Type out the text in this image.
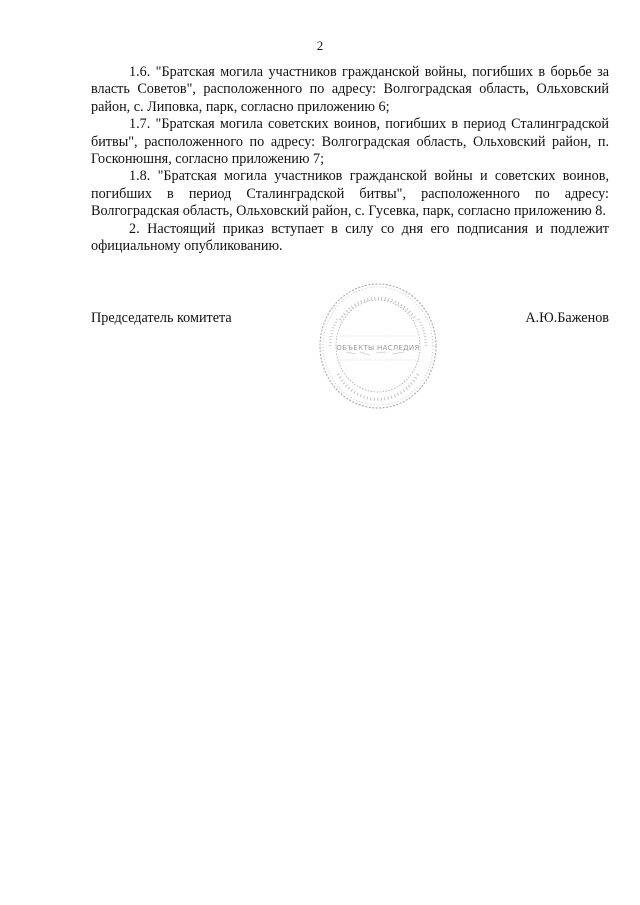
2

1.6. "Братская могила участников гражданской войны, погибших в борьбе за власть Советов", расположенного по адресу: Волгоградская область, Ольховский район, с. Липовка, парк, согласно приложению 6;

1.7. "Братская могила советских воинов, погибших в период Сталинградской битвы", расположенного по адресу: Волгоградская область, Ольховский район, п. Госконюшня, согласно приложению 7;

1.8. "Братская могила участников гражданской войны и советских воинов, погибших в период Сталинградской битвы", расположенного по адресу: Волгоградская область, Ольховский район, с. Гусевка, парк, согласно приложению 8.

2. Настоящий приказ вступает в силу со дня его подписания и подлежит официальному опубликованию.

Председатель комитета	А.Ю.Баженов
ОБЪЕКТЫ НАСЛЕДИЯ
